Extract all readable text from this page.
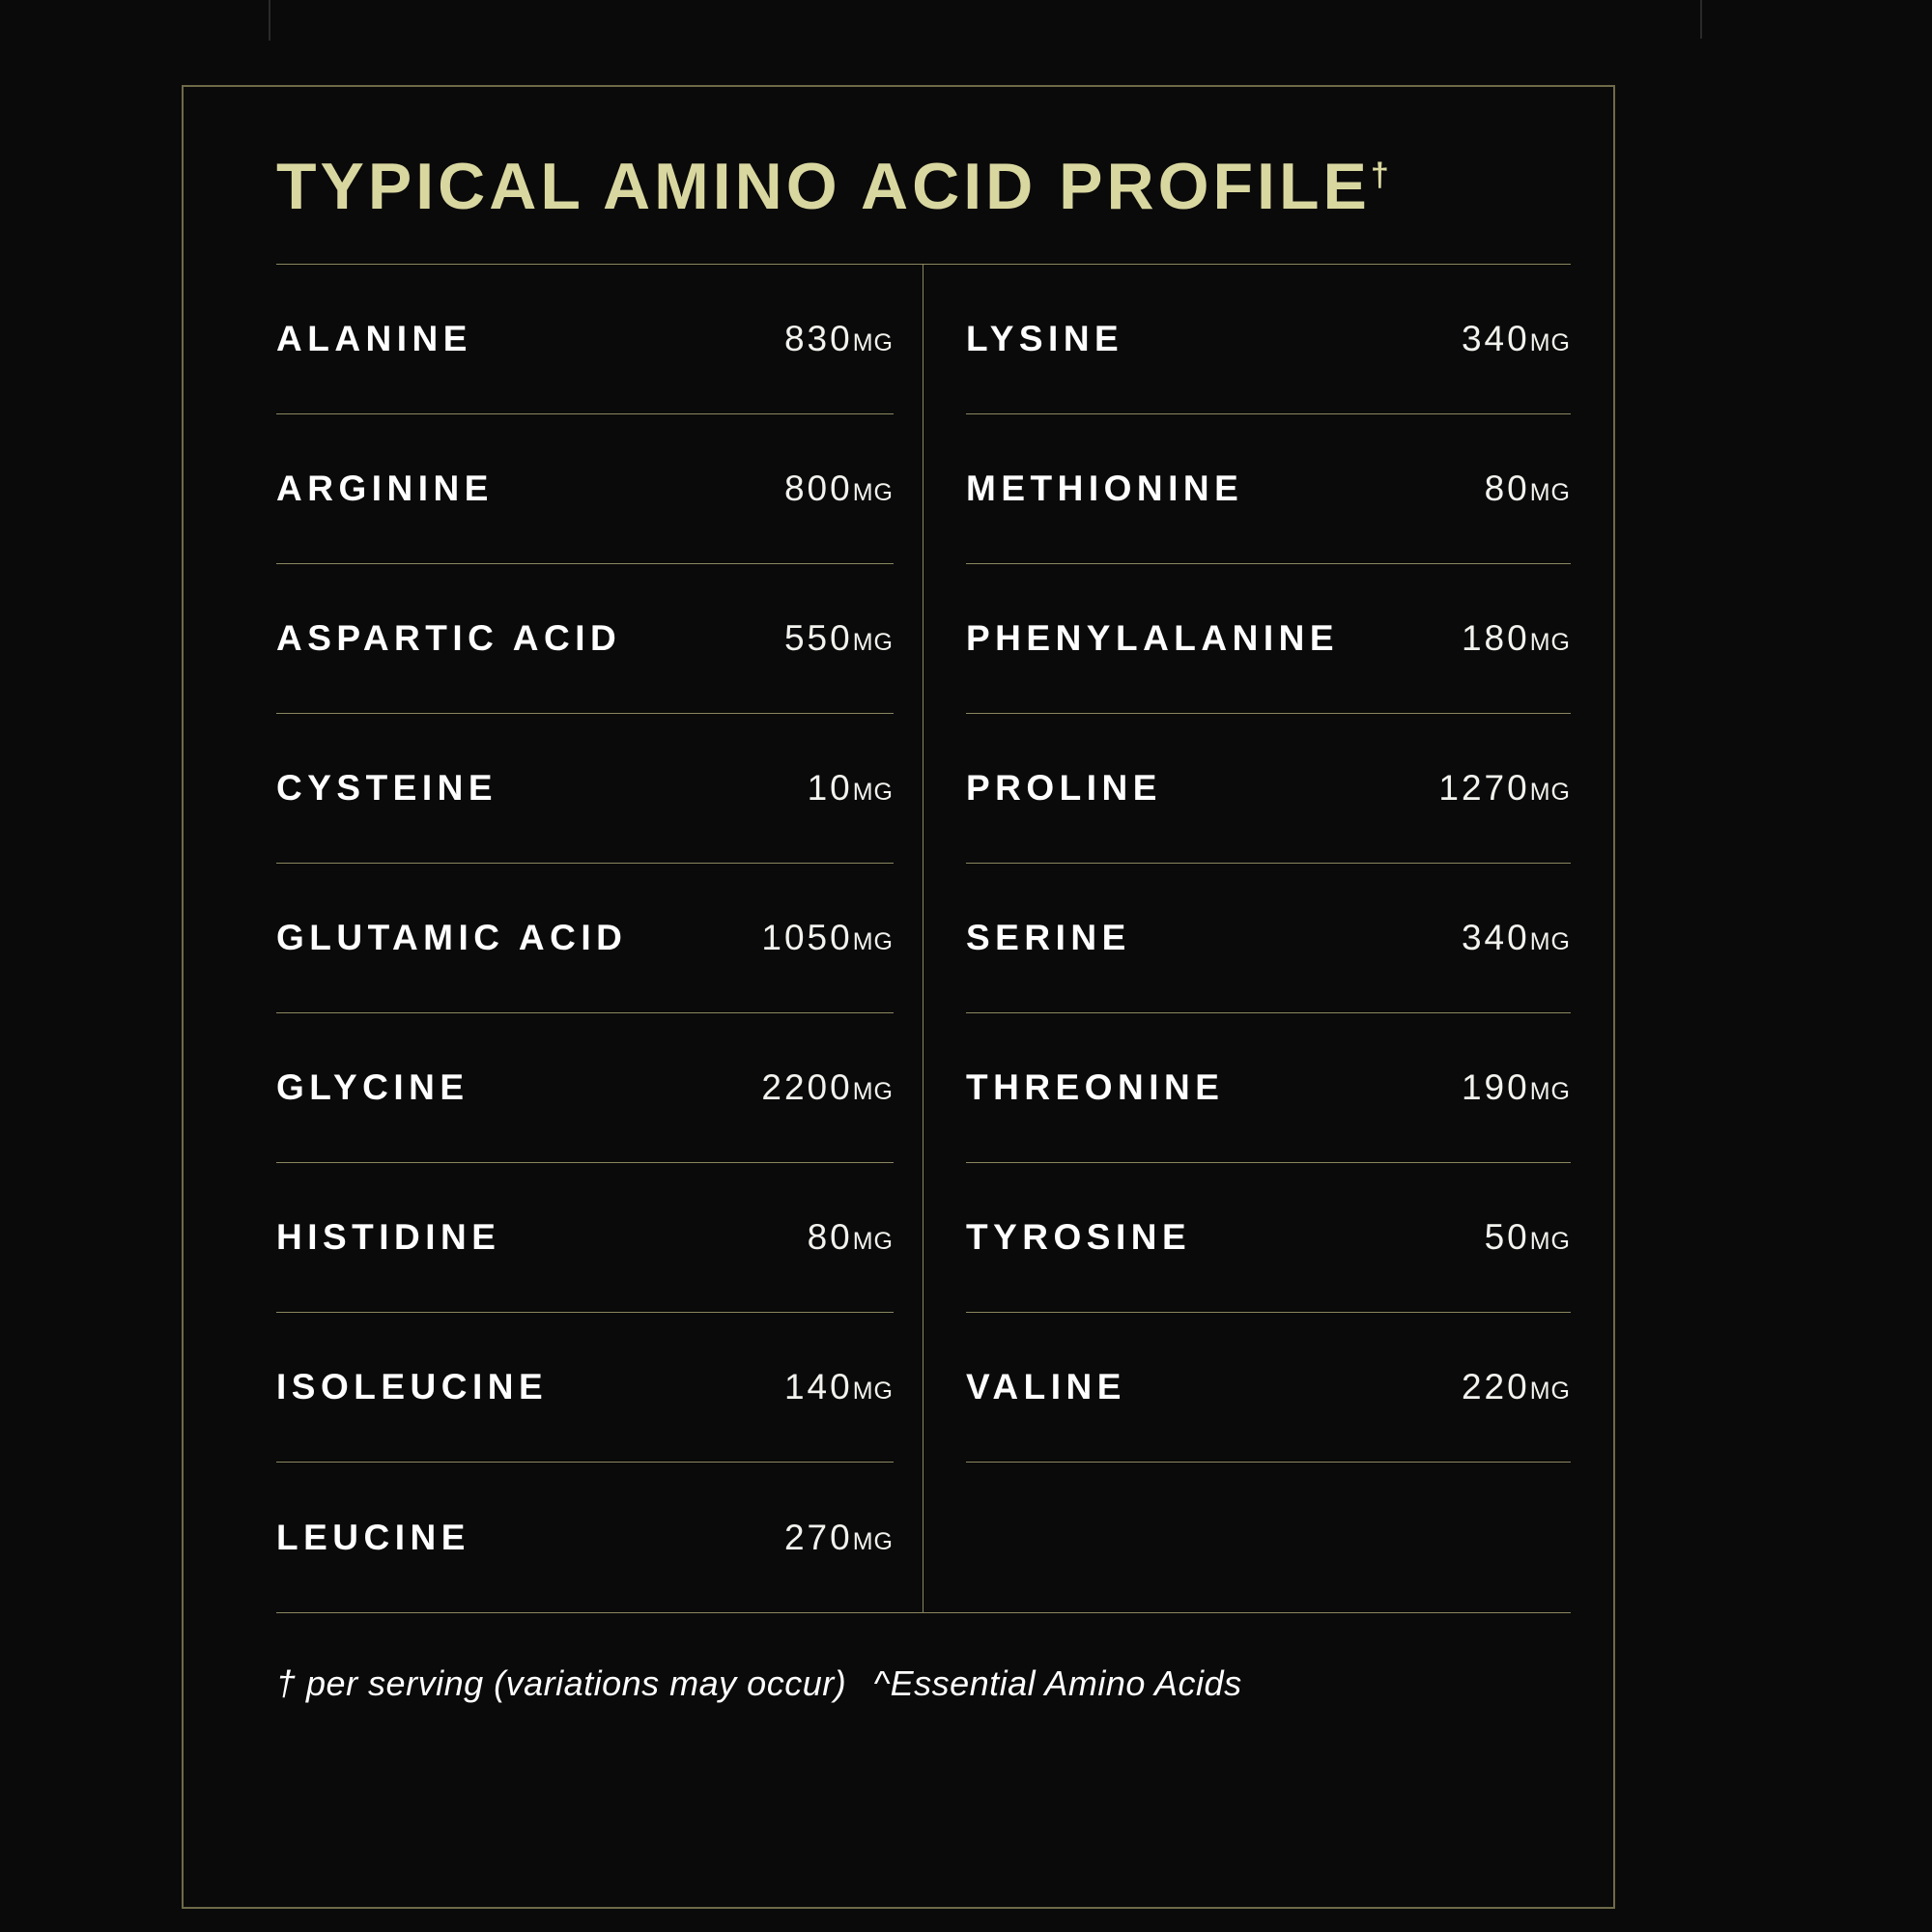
TYPICAL AMINO ACID PROFILE†
ALANINE	830MG
ARGININE	800MG
ASPARTIC ACID	550MG
CYSTEINE	10MG
GLUTAMIC ACID	1050MG
GLYCINE	2200MG
HISTIDINE	80MG
ISOLEUCINE	140MG
LEUCINE	270MG
LYSINE	340MG
METHIONINE	80MG
PHENYLALANINE	180MG
PROLINE	1270MG
SERINE	340MG
THREONINE	190MG
TYROSINE	50MG
VALINE	220MG
† per serving (variations may occur) ^Essential Amino Acids
